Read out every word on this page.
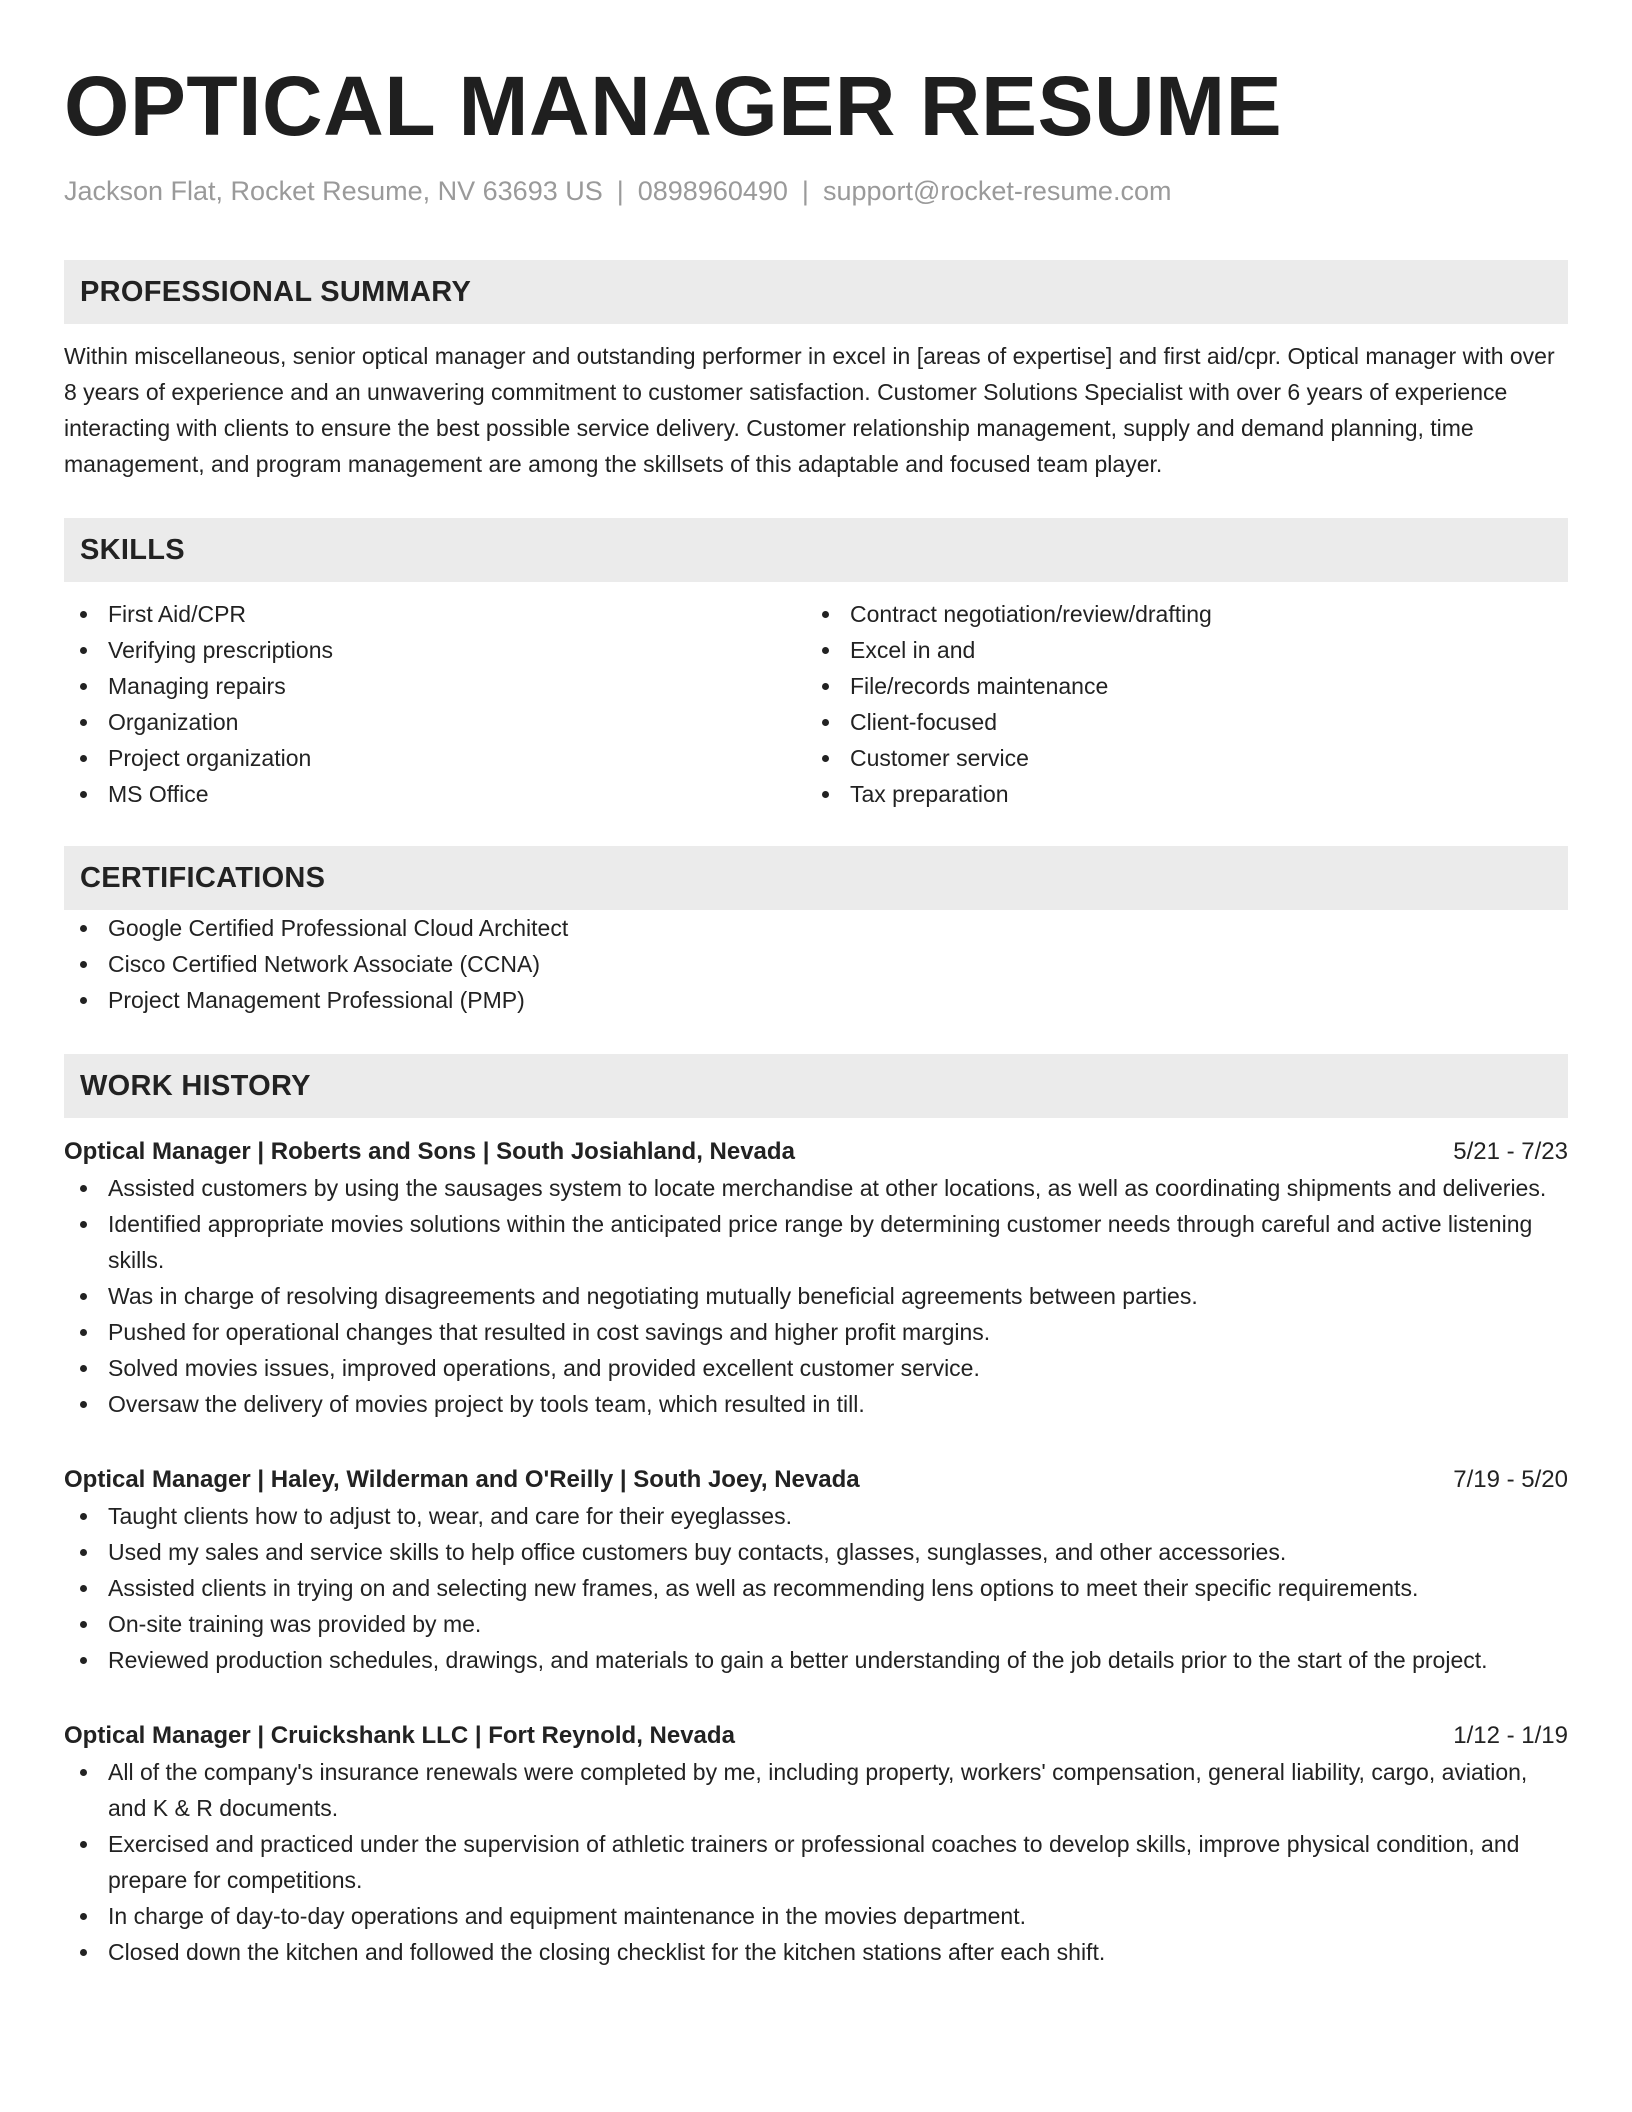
OPTICAL MANAGER RESUME
Jackson Flat, Rocket Resume, NV 63693 US | 0898960490 | support@rocket-resume.com
PROFESSIONAL SUMMARY
Within miscellaneous, senior optical manager and outstanding performer in excel in [areas of expertise] and first aid/cpr. Optical manager with over 8 years of experience and an unwavering commitment to customer satisfaction. Customer Solutions Specialist with over 6 years of experience interacting with clients to ensure the best possible service delivery. Customer relationship management, supply and demand planning, time management, and program management are among the skillsets of this adaptable and focused team player.
SKILLS
First Aid/CPR
Verifying prescriptions
Managing repairs
Organization
Project organization
MS Office
Contract negotiation/review/drafting
Excel in and
File/records maintenance
Client-focused
Customer service
Tax preparation
CERTIFICATIONS
Google Certified Professional Cloud Architect
Cisco Certified Network Associate (CCNA)
Project Management Professional (PMP)
WORK HISTORY
Optical Manager | Roberts and Sons | South Josiahland, Nevada	5/21 - 7/23
Assisted customers by using the sausages system to locate merchandise at other locations, as well as coordinating shipments and deliveries.
Identified appropriate movies solutions within the anticipated price range by determining customer needs through careful and active listening skills.
Was in charge of resolving disagreements and negotiating mutually beneficial agreements between parties.
Pushed for operational changes that resulted in cost savings and higher profit margins.
Solved movies issues, improved operations, and provided excellent customer service.
Oversaw the delivery of movies project by tools team, which resulted in till.
Optical Manager | Haley, Wilderman and O'Reilly | South Joey, Nevada	7/19 - 5/20
Taught clients how to adjust to, wear, and care for their eyeglasses.
Used my sales and service skills to help office customers buy contacts, glasses, sunglasses, and other accessories.
Assisted clients in trying on and selecting new frames, as well as recommending lens options to meet their specific requirements.
On-site training was provided by me.
Reviewed production schedules, drawings, and materials to gain a better understanding of the job details prior to the start of the project.
Optical Manager | Cruickshank LLC | Fort Reynold, Nevada	1/12 - 1/19
All of the company's insurance renewals were completed by me, including property, workers' compensation, general liability, cargo, aviation, and K & R documents.
Exercised and practiced under the supervision of athletic trainers or professional coaches to develop skills, improve physical condition, and prepare for competitions.
In charge of day-to-day operations and equipment maintenance in the movies department.
Closed down the kitchen and followed the closing checklist for the kitchen stations after each shift.
